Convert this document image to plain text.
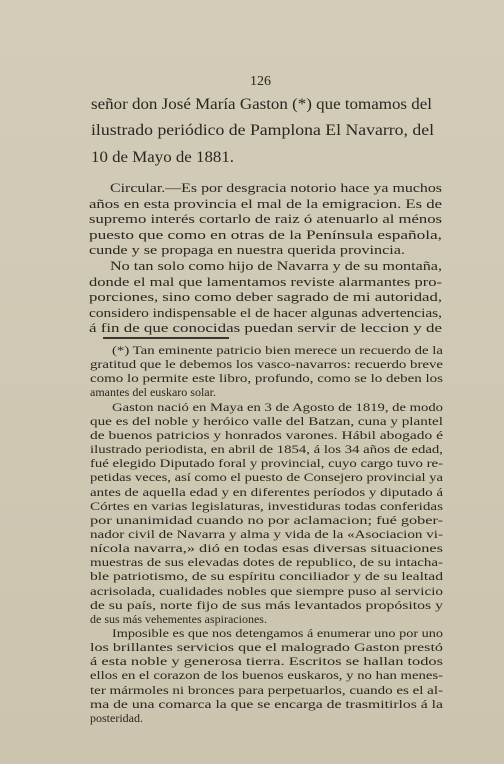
126
señor don José María Gaston (*) que tomamos del
ilustrado periódico de Pamplona El Navarro, del
10 de Mayo de 1881.
Circular.—Es por desgracia notorio hace ya muchos
años en esta provincia el mal de la emigracion. Es de
supremo interés cortarlo de raiz ó atenuarlo al ménos
puesto que como en otras de la Península española,
cunde y se propaga en nuestra querida provincia.
No tan solo como hijo de Navarra y de su montaña,
donde el mal que lamentamos reviste alarmantes pro-
porciones, sino como deber sagrado de mi autoridad,
considero indispensable el de hacer algunas advertencias,
á fin de que conocidas puedan servir de leccion y de
(*) Tan eminente patricio bien merece un recuerdo de la
gratitud que le debemos los vasco-navarros: recuerdo breve
como lo permite este libro, profundo, como se lo deben los
amantes del euskaro solar.
Gaston nació en Maya en 3 de Agosto de 1819, de modo
que es del noble y heróico valle del Batzan, cuna y plantel
de buenos patricios y honrados varones. Hábil abogado é
ilustrado periodista, en abril de 1854, á los 34 años de edad,
fué elegido Diputado foral y provincial, cuyo cargo tuvo re-
petidas veces, así como el puesto de Consejero provincial ya
antes de aquella edad y en diferentes períodos y diputado á
Córtes en varias legislaturas, investiduras todas conferidas
por unanimidad cuando no por aclamacion; fué gober-
nador civil de Navarra y alma y vida de la «Asociacion vi-
nícola navarra,» dió en todas esas diversas situaciones
muestras de sus elevadas dotes de republico, de su intacha-
ble patriotismo, de su espíritu conciliador y de su lealtad
acrisolada, cualidades nobles que siempre puso al servicio
de su país, norte fijo de sus más levantados propósitos y
de sus más vehementes aspiraciones.
Imposible es que nos detengamos á enumerar uno por uno
los brillantes servicios que el malogrado Gaston prestó
á esta noble y generosa tierra. Escritos se hallan todos
ellos en el corazon de los buenos euskaros, y no han menes-
ter mármoles ni bronces para perpetuarlos, cuando es el al-
ma de una comarca la que se encarga de trasmitirlos á la
posteridad.
